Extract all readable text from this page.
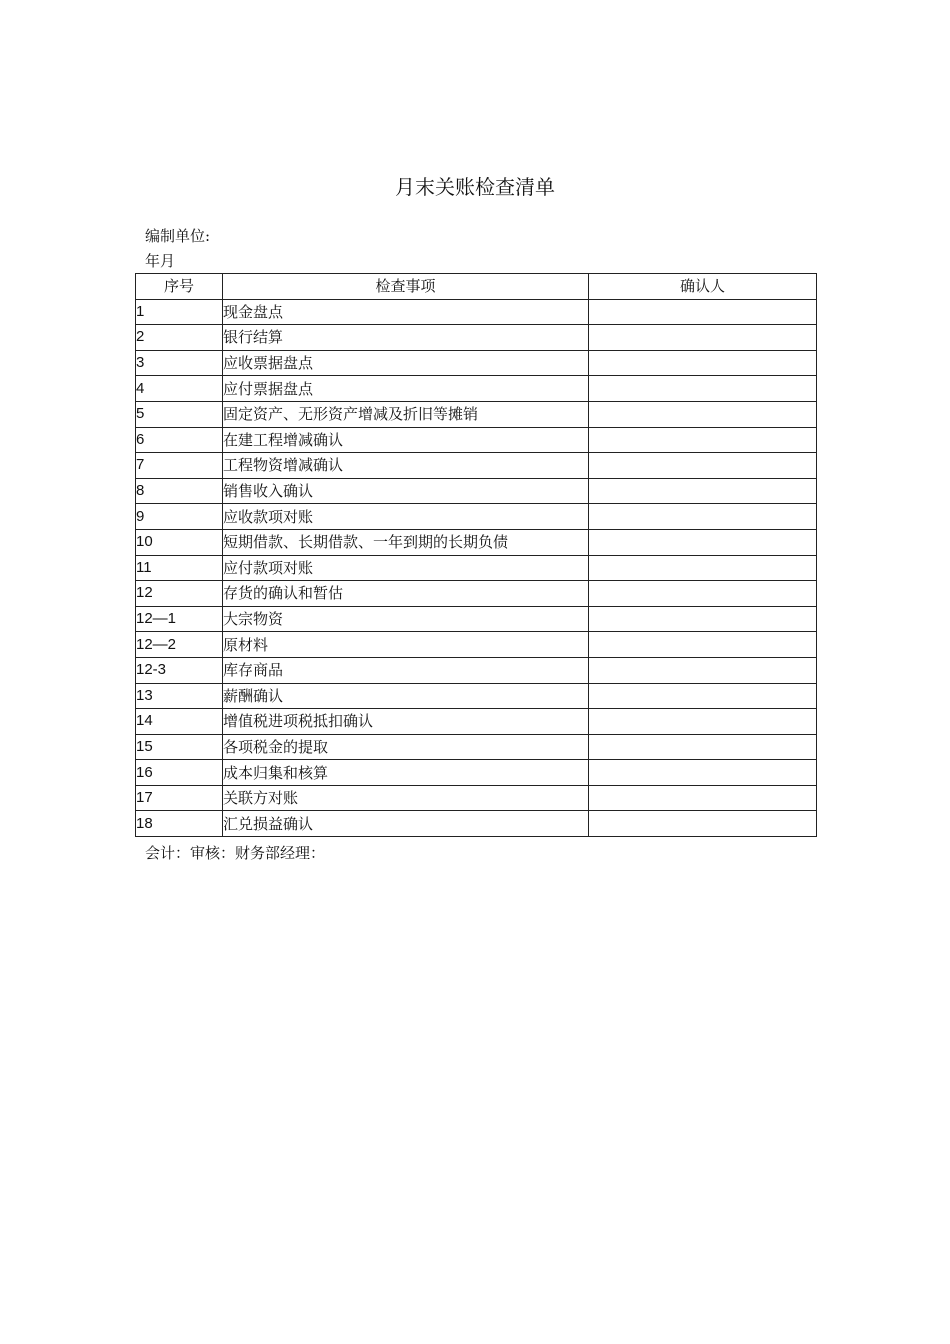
月末关账检查清单
编制单位:
年月
序号	检查事项	确认人
1	现金盘点	
2	银行结算	
3	应收票据盘点	
4	应付票据盘点	
5	固定资产、无形资产增减及折旧等摊销	
6	在建工程增减确认	
7	工程物资增减确认	
8	销售收入确认	
9	应收款项对账	
10	短期借款、长期借款、一年到期的长期负债	
11	应付款项对账	
12	存货的确认和暂估	
12—1	大宗物资	
12—2	原材料	
12-3	库存商品	
13	薪酬确认	
14	增值税进项税抵扣确认	
15	各项税金的提取	
16	成本归集和核算	
17	关联方对账	
18	汇兑损益确认	
会计：审核：财务部经理：
